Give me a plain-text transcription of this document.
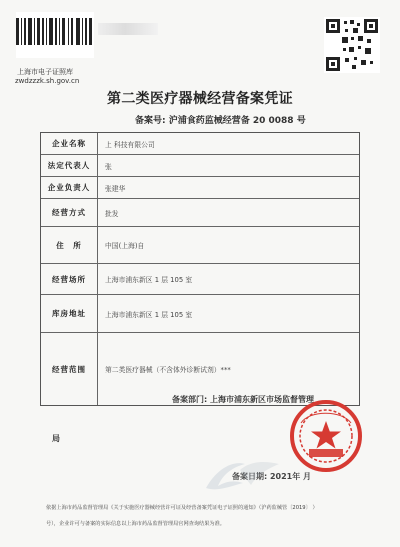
上海市电子证照库
zwdzzzk.sh.gov.cn
第二类医疗器械经营备案凭证
备案号: 沪浦食药监械经营备 20 0088 号
企业名称	上 科技有限公司
法定代表人	张
企业负责人	张建华
经营方式	批发
住　所	中国(上海)自
经营场所	上海市浦东新区 1 层 105 室
库房地址	上海市浦东新区 1 层 105 室
经营范围	第二类医疗器械（不含体外诊断试剂）***
备案部门: 上海市浦东新区市场监督管理
局
备案日期: 2021年 月
依据上海市药品监督管理局《关于实施医疗器械经营许可证及经营备案凭证电子证照的通知》（沪药监械管〔2019〕 ）
号），企业许可与备案的实际信息以上海市药品监督管理局官网查询结果为准。
